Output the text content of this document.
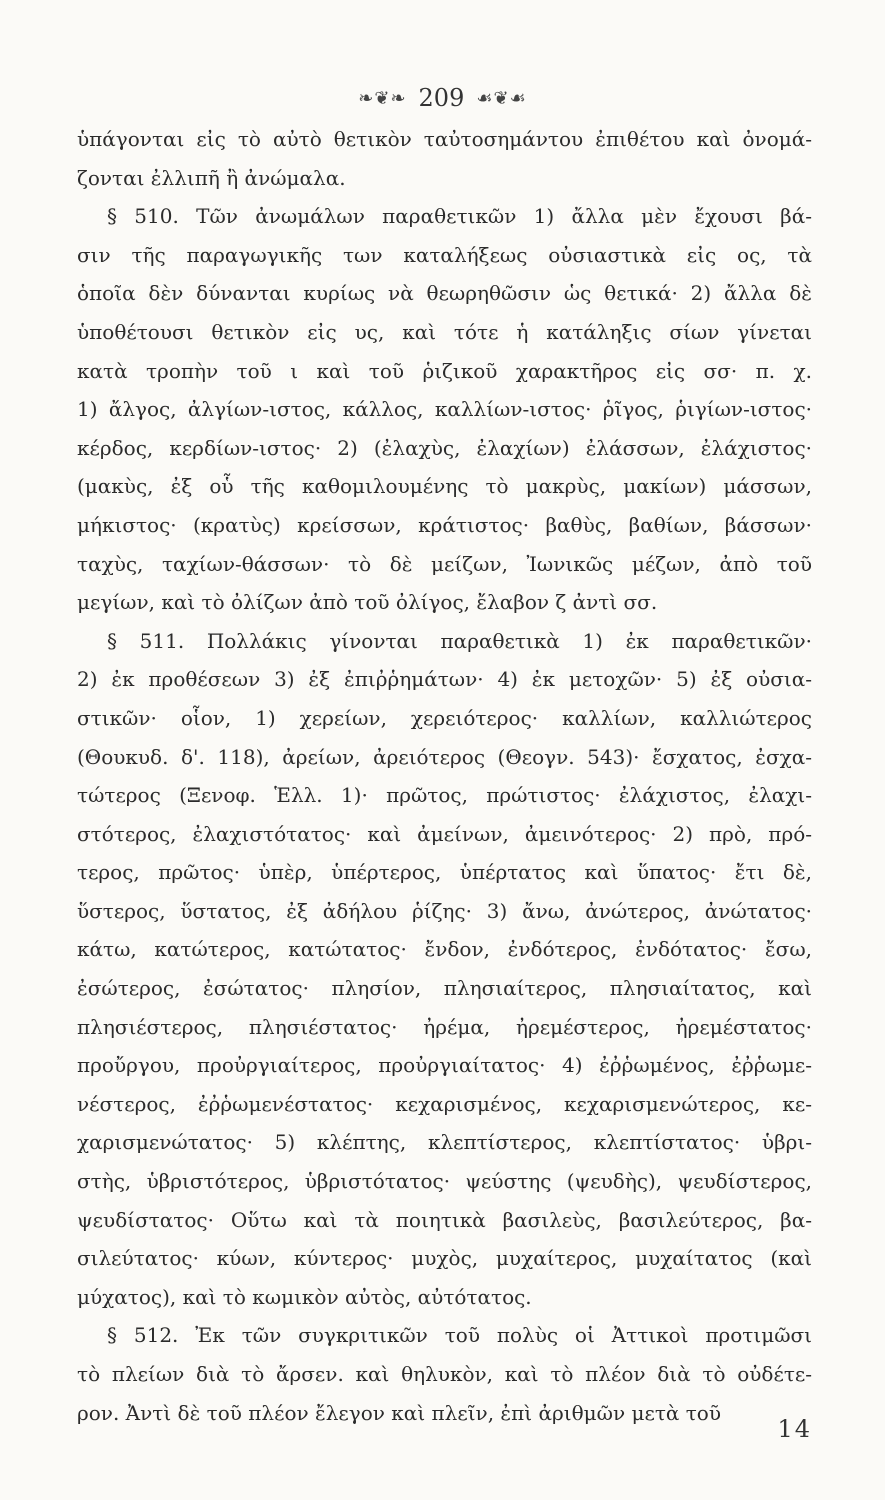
❧❦❧ 209 ☙❦☙
ὑπάγονται εἰς τὸ αὐτὸ θετικὸν ταὐτοσημάντου ἐπιθέτου καὶ ὀνομά-
ζονται ἐλλιπῆ ἢ ἀνώμαλα.
§ 510. Τῶν ἀνωμάλων παραθετικῶν 1) ἄλλα μὲν ἔχουσι βά-
σιν τῆς παραγωγικῆς των καταλήξεως οὐσιαστικὰ εἰς ος, τὰ
ὁποῖα δὲν δύνανται κυρίως νὰ θεωρηθῶσιν ὡς θετικά· 2) ἄλλα δὲ
ὑποθέτουσι θετικὸν εἰς υς, καὶ τότε ἡ κατάληξις σίων γίνεται
κατὰ τροπὴν τοῦ ι καὶ τοῦ ῥιζικοῦ χαρακτῆρος εἰς σσ· π. χ.
1) ἄλγος, ἀλγίων-ιστος, κάλλος, καλλίων-ιστος· ῥῖγος, ῥιγίων-ιστος·
κέρδος, κερδίων-ιστος· 2) (ἐλαχὺς, ἐλαχίων) ἐλάσσων, ἐλάχιστος·
(μακὺς, ἐξ οὗ τῆς καθομιλουμένης τὸ μακρὺς, μακίων) μάσσων,
μήκιστος· (κρατὺς) κρείσσων, κράτιστος· βαθὺς, βαθίων, βάσσων·
ταχὺς, ταχίων-θάσσων· τὸ δὲ μείζων, Ἰωνικῶς μέζων, ἀπὸ τοῦ
μεγίων, καὶ τὸ ὀλίζων ἀπὸ τοῦ ὀλίγος, ἔλαβον ζ ἀντὶ σσ.
§ 511. Πολλάκις γίνονται παραθετικὰ 1) ἐκ παραθετικῶν·
2) ἐκ προθέσεων 3) ἐξ ἐπιῤῥημάτων· 4) ἐκ μετοχῶν· 5) ἐξ οὐσια-
στικῶν· οἷον, 1) χερείων, χερειότερος· καλλίων, καλλιώτερος
(Θουκυδ. δ'. 118), ἀρείων, ἀρειότερος (Θεογν. 543)· ἔσχατος, ἐσχα-
τώτερος (Ξενοφ. Ἑλλ. 1)· πρῶτος, πρώτιστος· ἐλάχιστος, ἐλαχι-
στότερος, ἐλαχιστότατος· καὶ ἀμείνων, ἀμεινότερος· 2) πρὸ, πρό-
τερος, πρῶτος· ὑπὲρ, ὑπέρτερος, ὑπέρτατος καὶ ὕπατος· ἔτι δὲ,
ὕστερος, ὕστατος, ἐξ ἀδήλου ῥίζης· 3) ἄνω, ἀνώτερος, ἀνώτατος·
κάτω, κατώτερος, κατώτατος· ἔνδον, ἐνδότερος, ἐνδότατος· ἔσω,
ἐσώτερος, ἐσώτατος· πλησίον, πλησιαίτερος, πλησιαίτατος, καὶ
πλησιέστερος, πλησιέστατος· ἠρέμα, ἠρεμέστερος, ἠρεμέστατος·
προὔργου, προὐργιαίτερος, προὐργιαίτατος· 4) ἐῤῥωμένος, ἐῤῥωμε-
νέστερος, ἐῤῥωμενέστατος· κεχαρισμένος, κεχαρισμενώτερος, κε-
χαρισμενώτατος· 5) κλέπτης, κλεπτίστερος, κλεπτίστατος· ὑβρι-
στὴς, ὑβριστότερος, ὑβριστότατος· ψεύστης (ψευδὴς), ψευδίστερος,
ψευδίστατος· Οὕτω καὶ τὰ ποιητικὰ βασιλεὺς, βασιλεύτερος, βα-
σιλεύτατος· κύων, κύντερος· μυχὸς, μυχαίτερος, μυχαίτατος (καὶ
μύχατος), καὶ τὸ κωμικὸν αὐτὸς, αὐτότατος.
§ 512. Ἐκ τῶν συγκριτικῶν τοῦ πολὺς οἱ Ἀττικοὶ προτιμῶσι
τὸ πλείων διὰ τὸ ἄρσεν. καὶ θηλυκὸν, καὶ τὸ πλέον διὰ τὸ οὐδέτε-
ρον. Ἀντὶ δὲ τοῦ πλέον ἔλεγον καὶ πλεῖν, ἐπὶ ἀριθμῶν μετὰ τοῦ
14
